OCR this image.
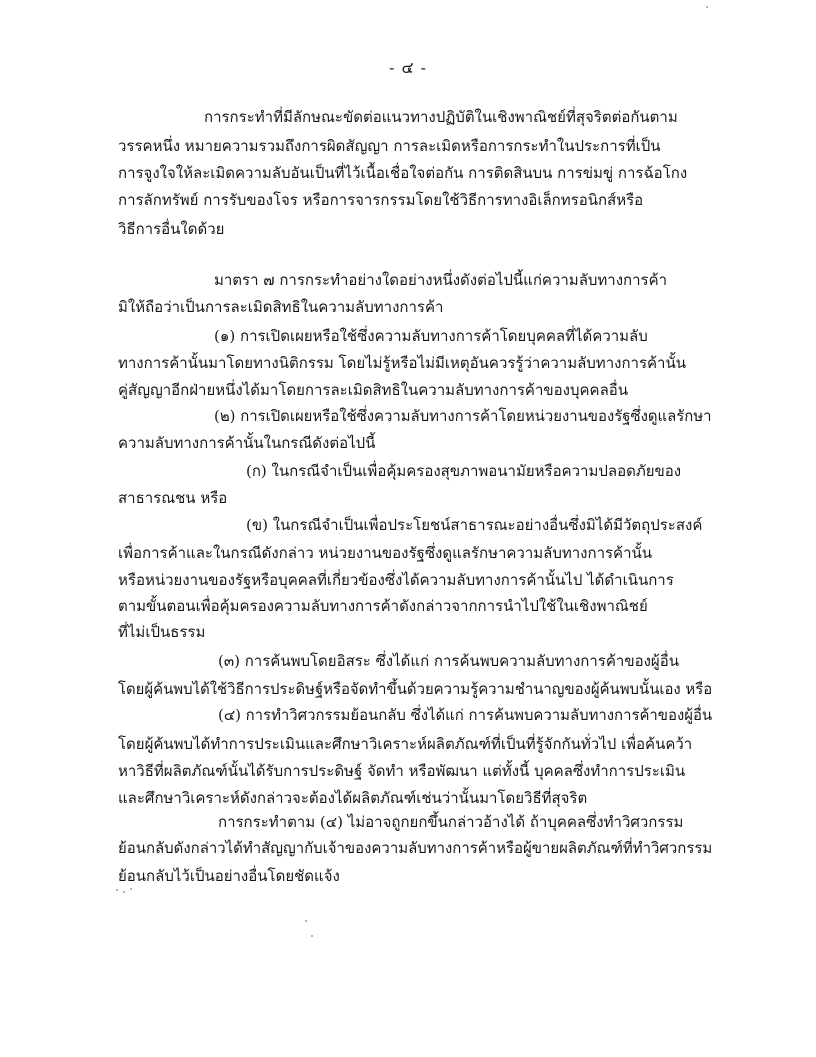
- ๔ -
การกระทำที่มีลักษณะขัดต่อแนวทางปฏิบัติในเชิงพาณิชย์ที่สุจริตต่อกันตาม
วรรคหนึ่ง หมายความรวมถึงการผิดสัญญา การละเมิดหรือการกระทำในประการที่เป็น
การจูงใจให้ละเมิดความลับอันเป็นที่ไว้เนื้อเชื่อใจต่อกัน การติดสินบน การข่มขู่ การฉ้อโกง
การลักทรัพย์ การรับของโจร หรือการจารกรรมโดยใช้วิธีการทางอิเล็กทรอนิกส์หรือ
วิธีการอื่นใดด้วย
มาตรา ๗ การกระทำอย่างใดอย่างหนึ่งดังต่อไปนี้แก่ความลับทางการค้า
มิให้ถือว่าเป็นการละเมิดสิทธิในความลับทางการค้า
(๑) การเปิดเผยหรือใช้ซึ่งความลับทางการค้าโดยบุคคลที่ได้ความลับ
ทางการค้านั้นมาโดยทางนิติกรรม โดยไม่รู้หรือไม่มีเหตุอันควรรู้ว่าความลับทางการค้านั้น
คู่สัญญาอีกฝ่ายหนึ่งได้มาโดยการละเมิดสิทธิในความลับทางการค้าของบุคคลอื่น
(๒) การเปิดเผยหรือใช้ซึ่งความลับทางการค้าโดยหน่วยงานของรัฐซึ่งดูแลรักษา
ความลับทางการค้านั้นในกรณีดังต่อไปนี้
(ก) ในกรณีจำเป็นเพื่อคุ้มครองสุขภาพอนามัยหรือความปลอดภัยของ
สาธารณชน หรือ
(ข) ในกรณีจำเป็นเพื่อประโยชน์สาธารณะอย่างอื่นซึ่งมิได้มีวัตถุประสงค์
เพื่อการค้าและในกรณีดังกล่าว หน่วยงานของรัฐซึ่งดูแลรักษาความลับทางการค้านั้น
หรือหน่วยงานของรัฐหรือบุคคลที่เกี่ยวข้องซึ่งได้ความลับทางการค้านั้นไป ได้ดำเนินการ
ตามขั้นตอนเพื่อคุ้มครองความลับทางการค้าดังกล่าวจากการนำไปใช้ในเชิงพาณิชย์
ที่ไม่เป็นธรรม
(๓) การค้นพบโดยอิสระ ซึ่งได้แก่ การค้นพบความลับทางการค้าของผู้อื่น
โดยผู้ค้นพบได้ใช้วิธีการประดิษฐ์หรือจัดทำขึ้นด้วยความรู้ความชำนาญของผู้ค้นพบนั้นเอง หรือ
(๔) การทำวิศวกรรมย้อนกลับ ซึ่งได้แก่ การค้นพบความลับทางการค้าของผู้อื่น
โดยผู้ค้นพบได้ทำการประเมินและศึกษาวิเคราะห์ผลิตภัณฑ์ที่เป็นที่รู้จักกันทั่วไป เพื่อค้นคว้า
หาวิธีที่ผลิตภัณฑ์นั้นได้รับการประดิษฐ์ จัดทำ หรือพัฒนา แต่ทั้งนี้ บุคคลซึ่งทำการประเมิน
และศึกษาวิเคราะห์ดังกล่าวจะต้องได้ผลิตภัณฑ์เช่นว่านั้นมาโดยวิธีที่สุจริต
การกระทำตาม (๔) ไม่อาจถูกยกขึ้นกล่าวอ้างได้ ถ้าบุคคลซึ่งทำวิศวกรรม
ย้อนกลับดังกล่าวได้ทำสัญญากับเจ้าของความลับทางการค้าหรือผู้ขายผลิตภัณฑ์ที่ทำวิศวกรรม
ย้อนกลับไว้เป็นอย่างอื่นโดยชัดแจ้ง
